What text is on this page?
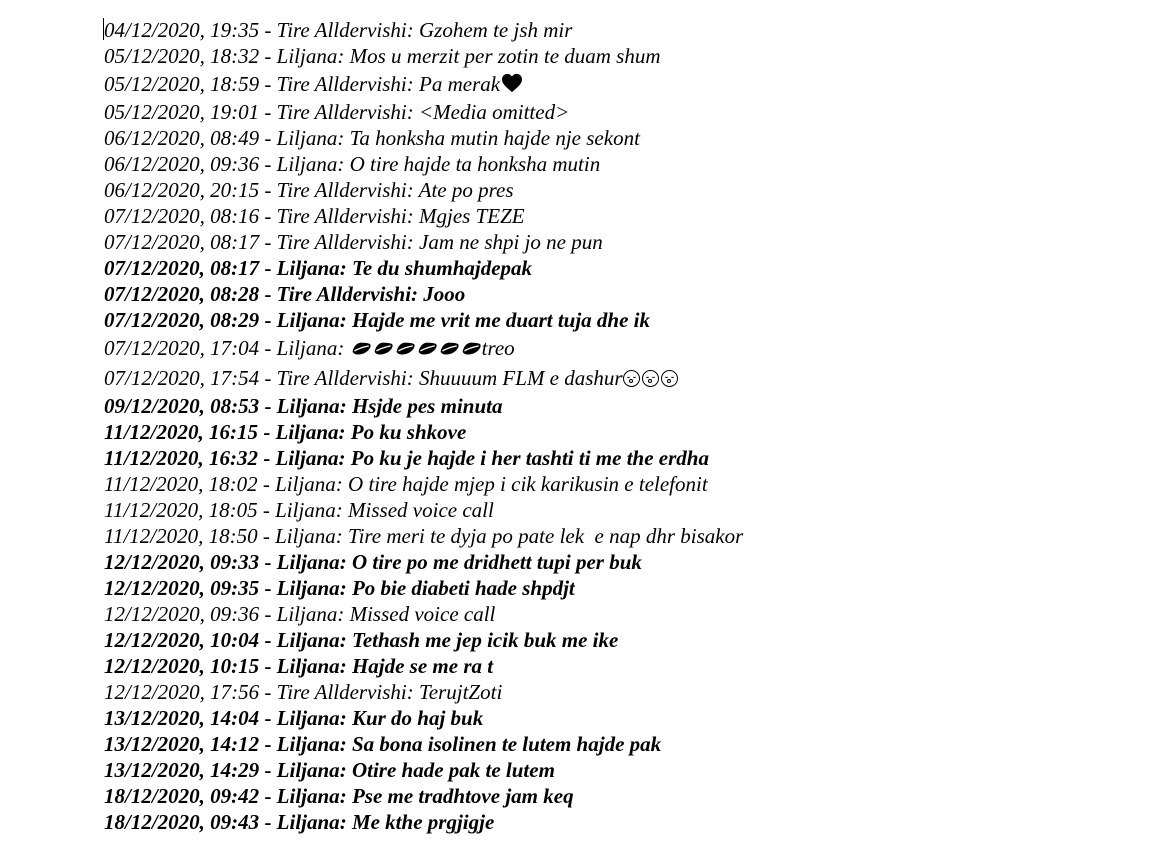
04/12/2020, 19:35 - Tire Alldervishi: Gzohem te jsh mir
05/12/2020, 18:32 - Liljana: Mos u merzit per zotin te duam shum
05/12/2020, 18:59 - Tire Alldervishi: Pa merak
05/12/2020, 19:01 - Tire Alldervishi: <Media omitted>
06/12/2020, 08:49 - Liljana: Ta honksha mutin hajde nje sekont
06/12/2020, 09:36 - Liljana: O tire hajde ta honksha mutin
06/12/2020, 20:15 - Tire Alldervishi: Ate po pres
07/12/2020, 08:16 - Tire Alldervishi: Mgjes TEZE
07/12/2020, 08:17 - Tire Alldervishi: Jam ne shpi jo ne pun
07/12/2020, 08:17 - Liljana: Te du shumhajdepak
07/12/2020, 08:28 - Tire Alldervishi: Jooo
07/12/2020, 08:29 - Liljana: Hajde me vrit me duart tuja dhe ik
07/12/2020, 17:04 - Liljana:	treo
07/12/2020, 17:54 - Tire Alldervishi: Shuuuum FLM e dashur
09/12/2020, 08:53 - Liljana: Hsjde pes minuta
11/12/2020, 16:15 - Liljana: Po ku shkove
11/12/2020, 16:32 - Liljana: Po ku je hajde i her tashti ti me the erdha
11/12/2020, 18:02 - Liljana: O tire hajde mjep i cik karikusin e telefonit
11/12/2020, 18:05 - Liljana: Missed voice call
11/12/2020, 18:50 - Liljana: Tire meri te dyja po pate lek  e nap dhr bisakor
12/12/2020, 09:33 - Liljana: O tire po me dridhett tupi per buk
12/12/2020, 09:35 - Liljana: Po bie diabeti hade shpdjt
12/12/2020, 09:36 - Liljana: Missed voice call
12/12/2020, 10:04 - Liljana: Tethash me jep icik buk me ike
12/12/2020, 10:15 - Liljana: Hajde se me ra t
12/12/2020, 17:56 - Tire Alldervishi: TerujtZoti
13/12/2020, 14:04 - Liljana: Kur do haj buk
13/12/2020, 14:12 - Liljana: Sa bona isolinen te lutem hajde pak
13/12/2020, 14:29 - Liljana: Otire hade pak te lutem
18/12/2020, 09:42 - Liljana: Pse me tradhtove jam keq
18/12/2020, 09:43 - Liljana: Me kthe prgjigje
